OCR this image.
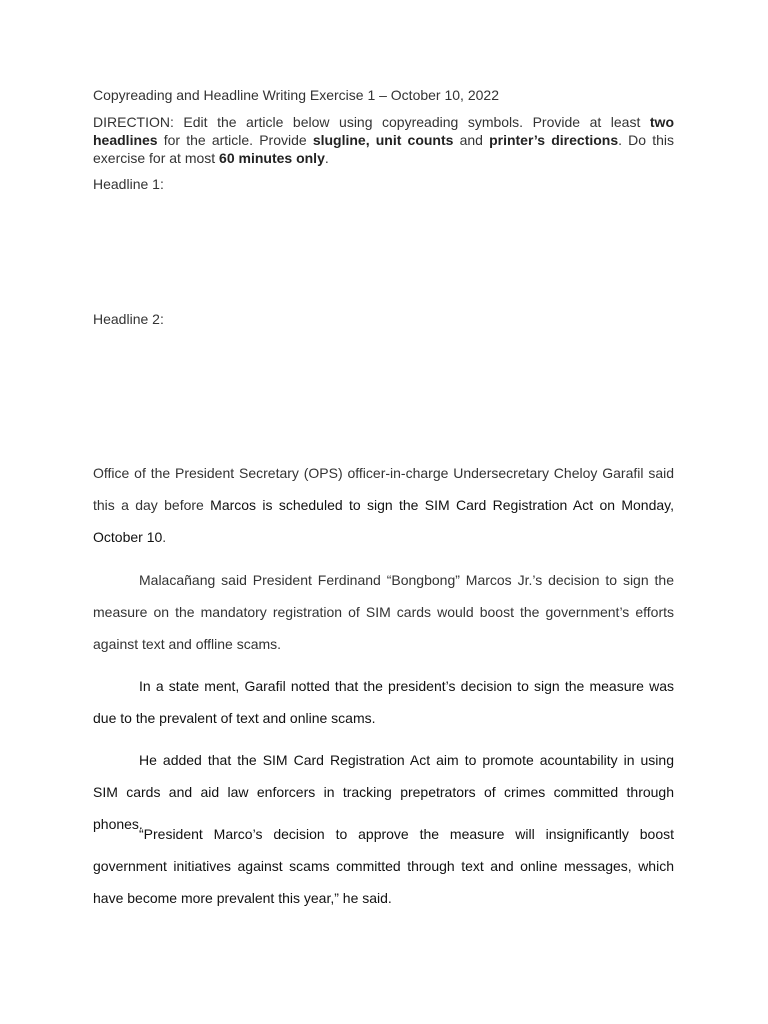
Copyreading and Headline Writing Exercise 1 – October 10, 2022
DIRECTION: Edit the article below using copyreading symbols. Provide at least two headlines for the article. Provide slugline, unit counts and printer’s directions. Do this exercise for at most 60 minutes only.
Headline 1:
Headline 2:

Office of the President Secretary (OPS) officer-in-charge Undersecretary Cheloy Garafil said this a day before Marcos is scheduled to sign the SIM Card Registration Act on Monday, October 10.

Malacañang said President Ferdinand “Bongbong” Marcos Jr.’s decision to sign the measure on the mandatory registration of SIM cards would boost the government’s efforts against text and offline scams.

In a state ment, Garafil notted that the president’s decision to sign the measure was due to the prevalent of text and online scams.

He added that the SIM Card Registration Act aim to promote acountability in using SIM cards and aid law enforcers in tracking prepetrators of crimes committed through phones.

“President Marco’s decision to approve the measure will insignificantly boost government initiatives against scams committed through text and online messages, which have become more prevalent this year,” he said.
